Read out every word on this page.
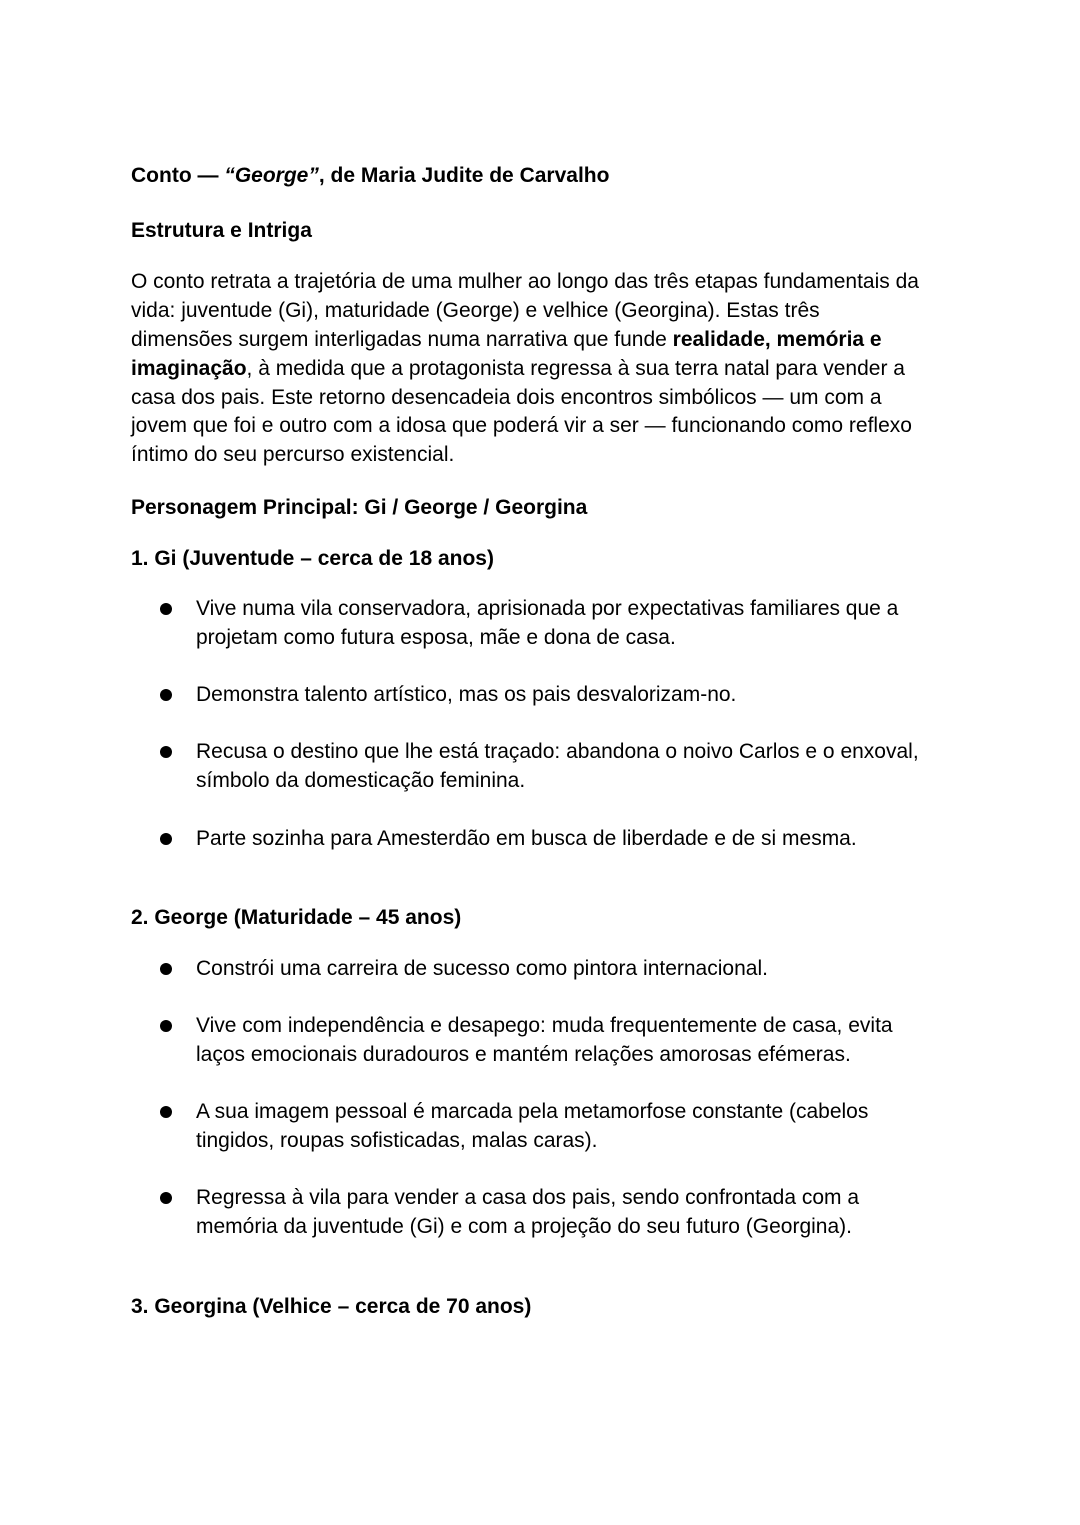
Conto — “George”, de Maria Judite de Carvalho
Estrutura e Intriga
O conto retrata a trajetória de uma mulher ao longo das três etapas fundamentais da
vida: juventude (Gi), maturidade (George) e velhice (Georgina). Estas três
dimensões surgem interligadas numa narrativa que funde realidade, memória e
imaginação, à medida que a protagonista regressa à sua terra natal para vender a
casa dos pais. Este retorno desencadeia dois encontros simbólicos — um com a
jovem que foi e outro com a idosa que poderá vir a ser — funcionando como reflexo
íntimo do seu percurso existencial.
Personagem Principal: Gi / George / Georgina
1. Gi (Juventude – cerca de 18 anos)
Vive numa vila conservadora, aprisionada por expectativas familiares que a
projetam como futura esposa, mãe e dona de casa.
Demonstra talento artístico, mas os pais desvalorizam-no.
Recusa o destino que lhe está traçado: abandona o noivo Carlos e o enxoval,
símbolo da domesticação feminina.
Parte sozinha para Amesterdão em busca de liberdade e de si mesma.
2. George (Maturidade – 45 anos)
Constrói uma carreira de sucesso como pintora internacional.
Vive com independência e desapego: muda frequentemente de casa, evita
laços emocionais duradouros e mantém relações amorosas efémeras.
A sua imagem pessoal é marcada pela metamorfose constante (cabelos
tingidos, roupas sofisticadas, malas caras).
Regressa à vila para vender a casa dos pais, sendo confrontada com a
memória da juventude (Gi) e com a projeção do seu futuro (Georgina).
3. Georgina (Velhice – cerca de 70 anos)
